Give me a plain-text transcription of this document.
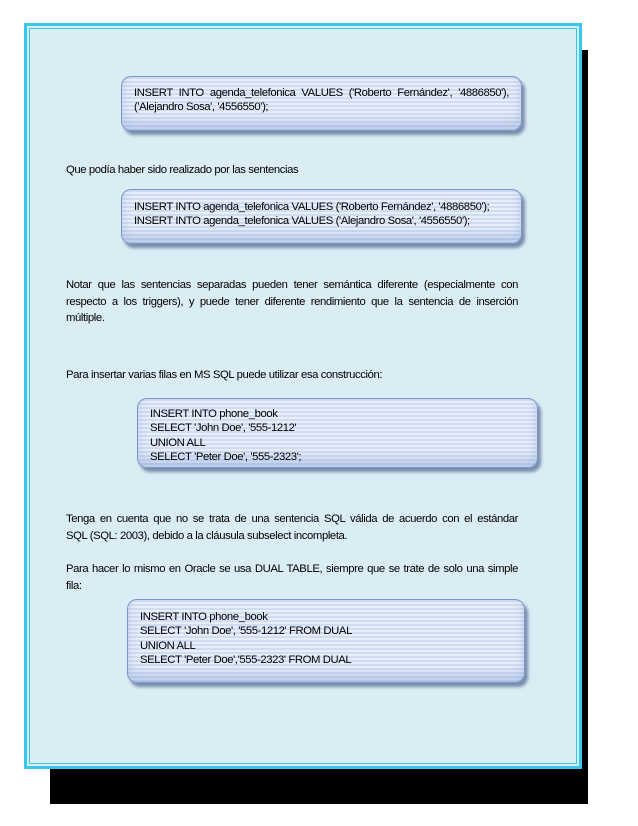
INSERT INTO agenda_telefonica VALUES ('Roberto Fernández', '4886850'),
('Alejandro Sosa', '4556550');
Que podía haber sido realizado por las sentencias
INSERT INTO agenda_telefonica VALUES ('Roberto Fernández', '4886850');
INSERT INTO agenda_telefonica VALUES ('Alejandro Sosa', '4556550');
Notar que las sentencias separadas pueden tener semántica diferente (especialmente con
respecto a los triggers), y puede tener diferente rendimiento que la sentencia de inserción
múltiple.
Para insertar varias filas en MS SQL puede utilizar esa construcción:
INSERT INTO phone_book
SELECT 'John Doe', '555-1212'
UNION ALL
SELECT 'Peter Doe', '555-2323';
Tenga en cuenta que no se trata de una sentencia SQL válida de acuerdo con el estándar
SQL (SQL: 2003), debido a la cláusula subselect incompleta.
Para hacer lo mismo en Oracle se usa DUAL TABLE, siempre que se trate de solo una simple
fila:
INSERT INTO phone_book
SELECT 'John Doe', '555-1212' FROM DUAL
UNION ALL
SELECT 'Peter Doe','555-2323' FROM DUAL
